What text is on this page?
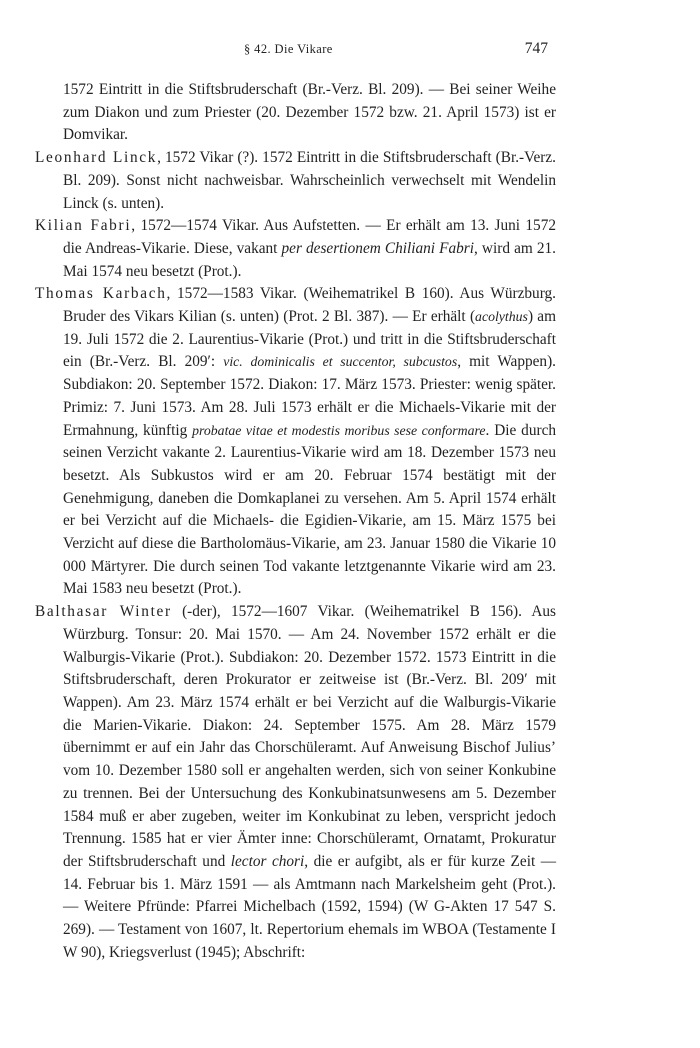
§ 42. Die Vikare	747

1572 Eintritt in die Stiftsbruderschaft (Br.-Verz. Bl. 209). — Bei seiner Weihe zum Diakon und zum Priester (20. Dezember 1572 bzw. 21. April 1573) ist er Domvikar.

Leonhard Linck, 1572 Vikar (?). 1572 Eintritt in die Stiftsbruderschaft (Br.-Verz. Bl. 209). Sonst nicht nachweisbar. Wahrscheinlich verwechselt mit Wendelin Linck (s. unten).

Kilian Fabri, 1572—1574 Vikar. Aus Aufstetten. — Er erhält am 13. Juni 1572 die Andreas-Vikarie. Diese, vakant per desertionem Chiliani Fabri, wird am 21. Mai 1574 neu besetzt (Prot.).

Thomas Karbach, 1572—1583 Vikar. (Weihematrikel B 160). Aus Würzburg. Bruder des Vikars Kilian (s. unten) (Prot. 2 Bl. 387). — Er erhält (acolythus) am 19. Juli 1572 die 2. Laurentius-Vikarie (Prot.) und tritt in die Stiftsbruderschaft ein (Br.-Verz. Bl. 209′: vic. dominicalis et succentor, subcustos, mit Wappen). Subdiakon: 20. September 1572. Diakon: 17. März 1573. Priester: wenig später. Primiz: 7. Juni 1573. Am 28. Juli 1573 erhält er die Michaels-Vikarie mit der Ermahnung, künftig probatae vitae et modestis moribus sese conformare. Die durch seinen Verzicht vakante 2. Laurentius-Vikarie wird am 18. Dezember 1573 neu besetzt. Als Subkustos wird er am 20. Februar 1574 bestätigt mit der Genehmigung, daneben die Domkaplanei zu versehen. Am 5. April 1574 erhält er bei Verzicht auf die Michaels- die Egidien-Vikarie, am 15. März 1575 bei Verzicht auf diese die Bartholomäus-Vikarie, am 23. Januar 1580 die Vikarie 10 000 Märtyrer. Die durch seinen Tod vakante letztgenannte Vikarie wird am 23. Mai 1583 neu besetzt (Prot.).

Balthasar Winter (-der), 1572—1607 Vikar. (Weihematrikel B 156). Aus Würzburg. Tonsur: 20. Mai 1570. — Am 24. November 1572 erhält er die Walburgis-Vikarie (Prot.). Subdiakon: 20. Dezember 1572. 1573 Eintritt in die Stiftsbruderschaft, deren Prokurator er zeitweise ist (Br.-Verz. Bl. 209′ mit Wappen). Am 23. März 1574 erhält er bei Verzicht auf die Walburgis-Vikarie die Marien-Vikarie. Diakon: 24. September 1575. Am 28. März 1579 übernimmt er auf ein Jahr das Chorschüleramt. Auf Anweisung Bischof Julius’ vom 10. Dezember 1580 soll er angehalten werden, sich von seiner Konkubine zu trennen. Bei der Untersuchung des Konkubinatsunwesens am 5. Dezember 1584 muß er aber zugeben, weiter im Konkubinat zu leben, verspricht jedoch Trennung. 1585 hat er vier Ämter inne: Chorschüleramt, Ornatamt, Prokuratur der Stiftsbruderschaft und lector chori, die er aufgibt, als er für kurze Zeit — 14. Februar bis 1. März 1591 — als Amtmann nach Markelsheim geht (Prot.). — Weitere Pfründe: Pfarrei Michelbach (1592, 1594) (W G-Akten 17 547 S. 269). — Testament von 1607, lt. Repertorium ehemals im WBOA (Testamente I W 90), Kriegsverlust (1945); Abschrift:
